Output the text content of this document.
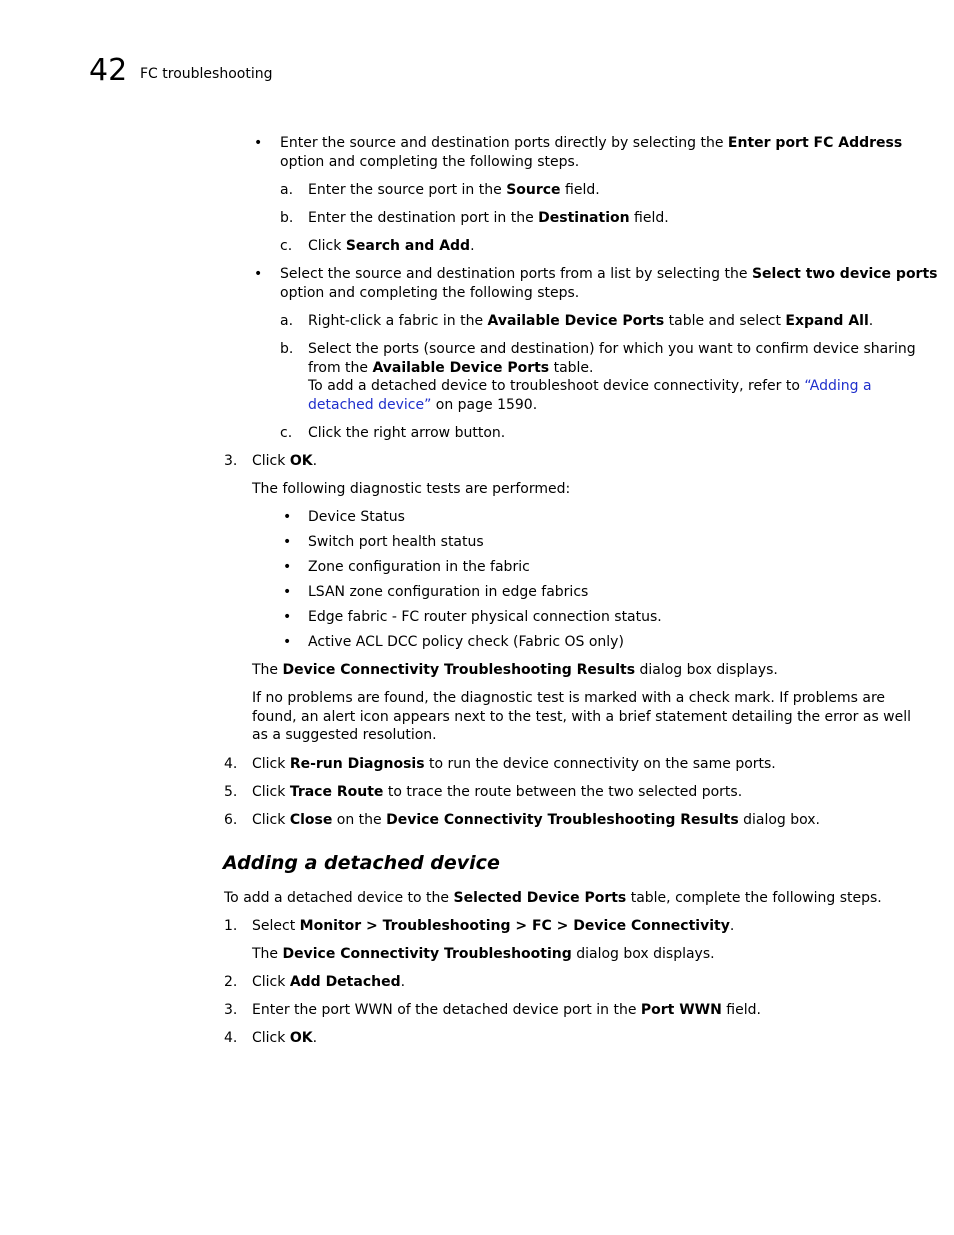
42 FC troubleshooting
• Enter the source and destination ports directly by selecting the Enter port FC Address
option and completing the following steps.
a. Enter the source port in the Source field.
b. Enter the destination port in the Destination field.
c. Click Search and Add.
• Select the source and destination ports from a list by selecting the Select two device ports
option and completing the following steps.
a. Right-click a fabric in the Available Device Ports table and select Expand All.
b. Select the ports (source and destination) for which you want to confirm device sharing
from the Available Device Ports table.
To add a detached device to troubleshoot device connectivity, refer to “Adding a
detached device” on page 1590.
c. Click the right arrow button.
3. Click OK.
The following diagnostic tests are performed:
• Device Status
• Switch port health status
• Zone configuration in the fabric
• LSAN zone configuration in edge fabrics
• Edge fabric - FC router physical connection status.
• Active ACL DCC policy check (Fabric OS only)
The Device Connectivity Troubleshooting Results dialog box displays.
If no problems are found, the diagnostic test is marked with a check mark. If problems are
found, an alert icon appears next to the test, with a brief statement detailing the error as well
as a suggested resolution.
4. Click Re-run Diagnosis to run the device connectivity on the same ports.
5. Click Trace Route to trace the route between the two selected ports.
6. Click Close on the Device Connectivity Troubleshooting Results dialog box.
Adding a detached device
To add a detached device to the Selected Device Ports table, complete the following steps.
1. Select Monitor > Troubleshooting > FC > Device Connectivity.
The Device Connectivity Troubleshooting dialog box displays.
2. Click Add Detached.
3. Enter the port WWN of the detached device port in the Port WWN field.
4. Click OK.
